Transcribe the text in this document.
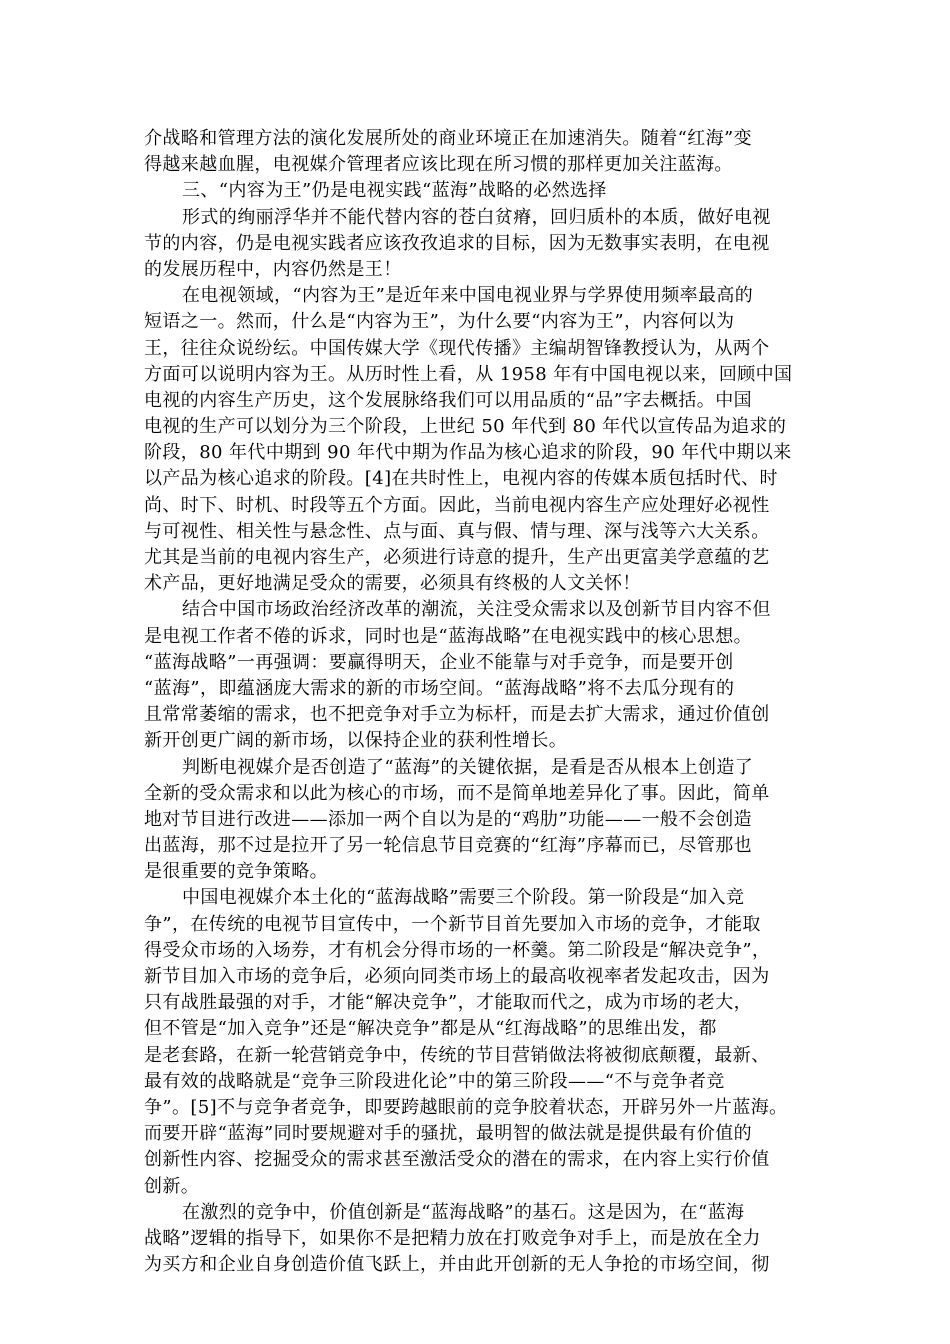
介战略和管理方法的演化发展所处的商业环境正在加速消失。随着“红海”变
得越来越血腥，电视媒介管理者应该比现在所习惯的那样更加关注蓝海。
三、“内容为王”仍是电视实践“蓝海”战略的必然选择
形式的绚丽浮华并不能代替内容的苍白贫瘠，回归质朴的本质，做好电视
节的内容，仍是电视实践者应该孜孜追求的目标，因为无数事实表明，在电视
的发展历程中，内容仍然是王！
在电视领域，“内容为王”是近年来中国电视业界与学界使用频率最高的
短语之一。然而，什么是“内容为王”，为什么要“内容为王”，内容何以为
王，往往众说纷纭。中国传媒大学《现代传播》主编胡智锋教授认为，从两个
方面可以说明内容为王。从历时性上看，从 1958 年有中国电视以来，回顾中国
电视的内容生产历史，这个发展脉络我们可以用品质的“品”字去概括。中国
电视的生产可以划分为三个阶段，上世纪 50 年代到 80 年代以宣传品为追求的
阶段，80 年代中期到 90 年代中期为作品为核心追求的阶段，90 年代中期以来
以产品为核心追求的阶段。[4]在共时性上，电视内容的传媒本质包括时代、时
尚、时下、时机、时段等五个方面。因此，当前电视内容生产应处理好必视性
与可视性、相关性与悬念性、点与面、真与假、情与理、深与浅等六大关系。
尤其是当前的电视内容生产，必须进行诗意的提升，生产出更富美学意蕴的艺
术产品，更好地满足受众的需要，必须具有终极的人文关怀！
结合中国市场政治经济改革的潮流，关注受众需求以及创新节目内容不但
是电视工作者不倦的诉求，同时也是“蓝海战略”在电视实践中的核心思想。
“蓝海战略”一再强调：要赢得明天，企业不能靠与对手竞争，而是要开创
“蓝海”，即蕴涵庞大需求的新的市场空间。“蓝海战略”将不去瓜分现有的
且常常萎缩的需求，也不把竞争对手立为标杆，而是去扩大需求，通过价值创
新开创更广阔的新市场，以保持企业的获利性增长。
判断电视媒介是否创造了“蓝海”的关键依据，是看是否从根本上创造了
全新的受众需求和以此为核心的市场，而不是简单地差异化了事。因此，简单
地对节目进行改进——添加一两个自以为是的“鸡肋”功能——一般不会创造
出蓝海，那不过是拉开了另一轮信息节目竞赛的“红海”序幕而已，尽管那也
是很重要的竞争策略。
中国电视媒介本土化的“蓝海战略”需要三个阶段。第一阶段是“加入竞
争”，在传统的电视节目宣传中，一个新节目首先要加入市场的竞争，才能取
得受众市场的入场券，才有机会分得市场的一杯羹。第二阶段是“解决竞争”，
新节目加入市场的竞争后，必须向同类市场上的最高收视率者发起攻击，因为
只有战胜最强的对手，才能“解决竞争”，才能取而代之，成为市场的老大，
但不管是“加入竞争”还是“解决竞争”都是从“红海战略”的思维出发，都
是老套路，在新一轮营销竞争中，传统的节目营销做法将被彻底颠覆，最新、
最有效的战略就是“竞争三阶段进化论”中的第三阶段——“不与竞争者竞
争”。[5]不与竞争者竞争，即要跨越眼前的竞争胶着状态，开辟另外一片蓝海。
而要开辟“蓝海”同时要规避对手的骚扰，最明智的做法就是提供最有价值的
创新性内容、挖掘受众的需求甚至激活受众的潜在的需求，在内容上实行价值
创新。
在激烈的竞争中，价值创新是“蓝海战略”的基石。这是因为，在“蓝海
战略”逻辑的指导下，如果你不是把精力放在打败竞争对手上，而是放在全力
为买方和企业自身创造价值飞跃上，并由此开创新的无人争抢的市场空间，彻
